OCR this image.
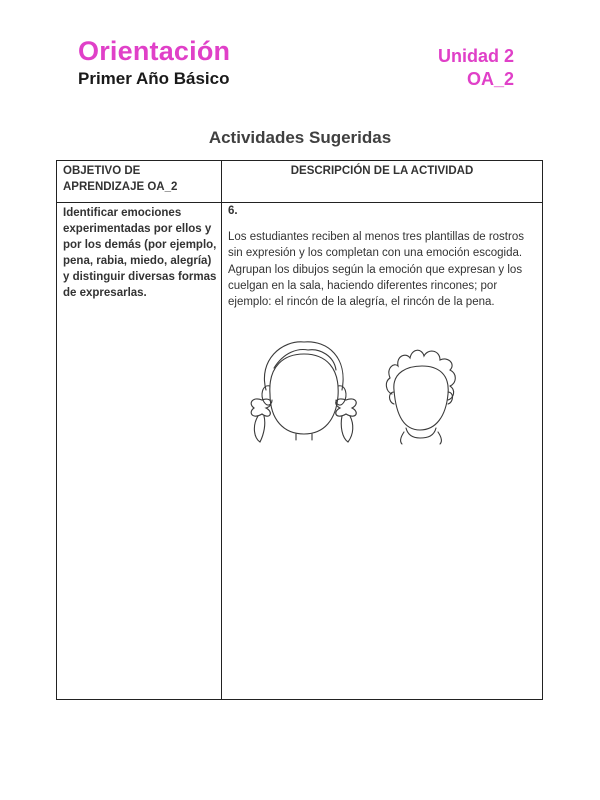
Orientación
Primer Año Básico
Unidad 2
OA_2
Actividades Sugeridas
OBJETIVO DE APRENDIZAJE OA_2
DESCRIPCIÓN DE LA ACTIVIDAD
Identificar emociones experimentadas por ellos y por los demás (por ejemplo, pena, rabia, miedo, alegría) y distinguir diversas formas de expresarlas.
6.
Los estudiantes reciben al menos tres plantillas de rostros sin expresión y los completan con una emoción escogida. Agrupan los dibujos según la emoción que expresan y los cuelgan en la sala, haciendo diferentes rincones; por ejemplo: el rincón de la alegría, el rincón de la pena.
